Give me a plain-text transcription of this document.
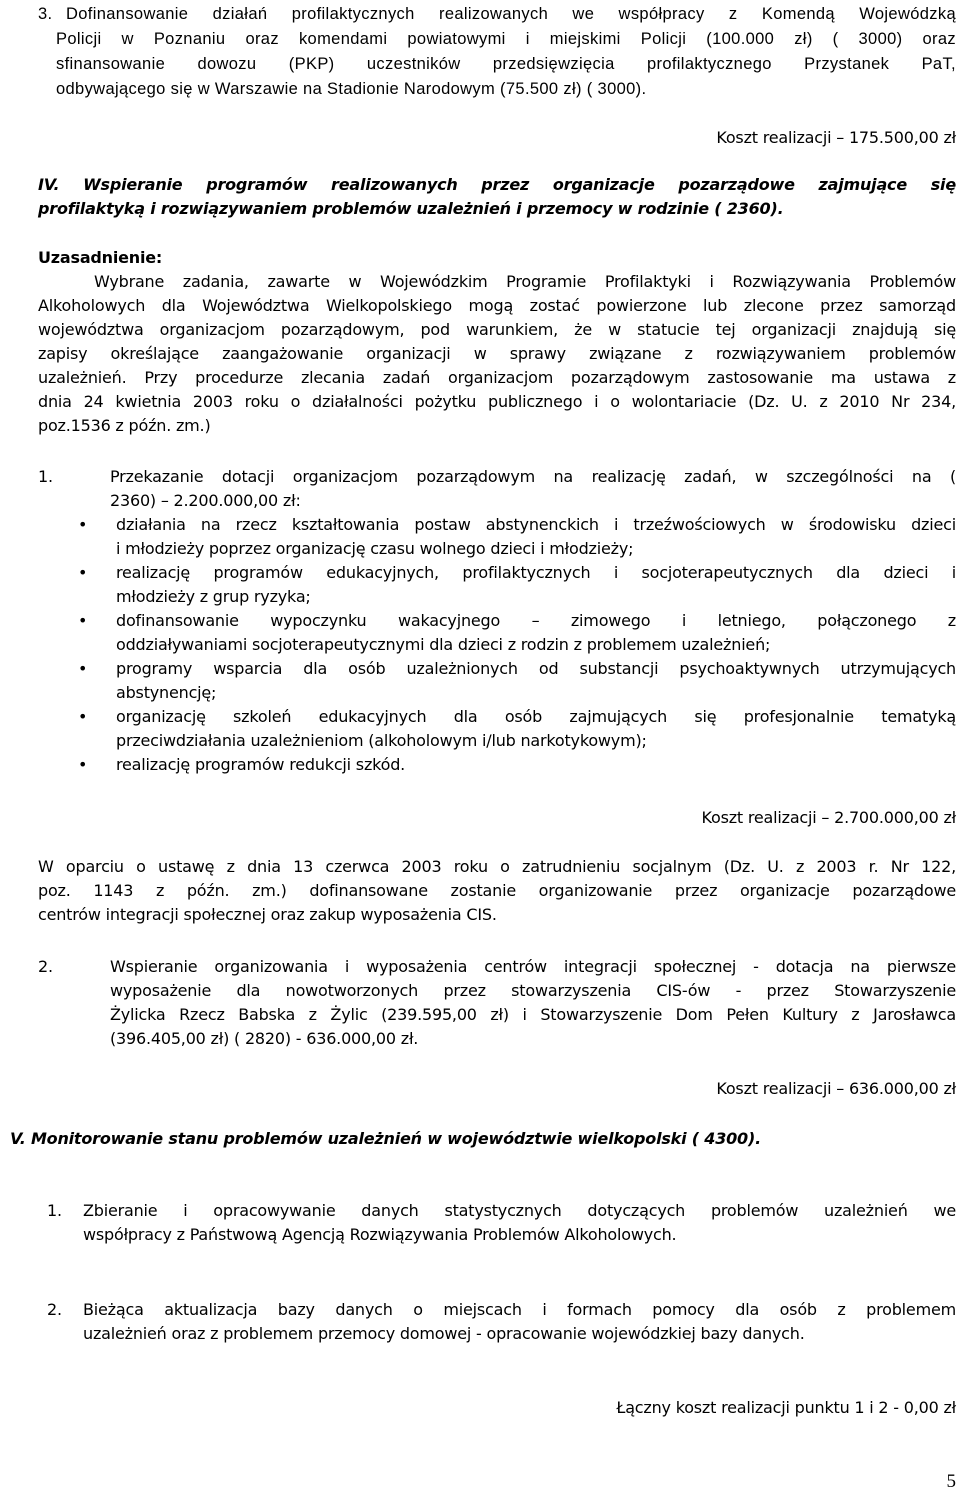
3. Dofinansowanie działań profilaktycznych realizowanych we współpracy z Komendą Wojewódzką

Policji w Poznaniu oraz komendami powiatowymi i miejskimi Policji (100.000 zł) ( 3000) oraz

sfinansowanie dowozu (PKP) uczestników przedsięwzięcia profilaktycznego Przystanek PaT,

odbywającego się w Warszawie na Stadionie Narodowym (75.500 zł) ( 3000).

Koszt realizacji – 175.500,00 zł

IV. Wspieranie programów realizowanych przez organizacje pozarządowe zajmujące się

profilaktyką i rozwiązywaniem problemów uzależnień i przemocy w rodzinie ( 2360).

Uzasadnienie:

Wybrane zadania, zawarte w Wojewódzkim Programie Profilaktyki i Rozwiązywania Problemów

Alkoholowych dla Województwa Wielkopolskiego mogą zostać powierzone lub zlecone przez samorząd

województwa organizacjom pozarządowym, pod warunkiem, że w statucie tej organizacji znajdują się

zapisy określające zaangażowanie organizacji w sprawy związane z rozwiązywaniem problemów

uzależnień. Przy procedurze zlecania zadań organizacjom pozarządowym zastosowanie ma ustawa z

dnia 24 kwietnia 2003 roku o działalności pożytku publicznego i o wolontariacie (Dz. U. z 2010 Nr 234,

poz.1536 z późn. zm.)

1.	Przekazanie dotacji organizacjom pozarządowym na realizację zadań, w szczególności na (

2360) – 2.200.000,00 zł:

• działania na rzecz kształtowania postaw abstynenckich i trzeźwościowych w środowisku dzieci

i młodzieży poprzez organizację czasu wolnego dzieci i młodzieży;

• realizację programów edukacyjnych, profilaktycznych i socjoterapeutycznych dla dzieci i

młodzieży z grup ryzyka;

• dofinansowanie wypoczynku wakacyjnego – zimowego i letniego, połączonego z

oddziaływaniami socjoterapeutycznymi dla dzieci z rodzin z problemem uzależnień;

• programy wsparcia dla osób uzależnionych od substancji psychoaktywnych utrzymujących

abstynencję;

• organizację szkoleń edukacyjnych dla osób zajmujących się profesjonalnie tematyką

przeciwdziałania uzależnieniom (alkoholowym i/lub narkotykowym);

• realizację programów redukcji szkód.

Koszt realizacji – 2.700.000,00 zł

W oparciu o ustawę z dnia 13 czerwca 2003 roku o zatrudnieniu socjalnym (Dz. U. z 2003 r. Nr 122,

poz. 1143 z późn. zm.) dofinansowane zostanie organizowanie przez organizacje pozarządowe

centrów integracji społecznej oraz zakup wyposażenia CIS.

2.	Wspieranie organizowania i wyposażenia centrów integracji społecznej - dotacja na pierwsze

wyposażenie dla nowotworzonych przez stowarzyszenia CIS-ów - przez Stowarzyszenie

Żylicka Rzecz Babska z Żylic (239.595,00 zł) i Stowarzyszenie Dom Pełen Kultury z Jarosławca

(396.405,00 zł) ( 2820) - 636.000,00 zł.

Koszt realizacji – 636.000,00 zł

V. Monitorowanie stanu problemów uzależnień w województwie wielkopolski ( 4300).

1. Zbieranie i opracowywanie danych statystycznych dotyczących problemów uzależnień we

współpracy z Państwową Agencją Rozwiązywania Problemów Alkoholowych.

2. Bieżąca aktualizacja bazy danych o miejscach i formach pomocy dla osób z problemem

uzależnień oraz z problemem przemocy domowej - opracowanie wojewódzkiej bazy danych.

Łączny koszt realizacji punktu 1 i 2 - 0,00 zł
5
